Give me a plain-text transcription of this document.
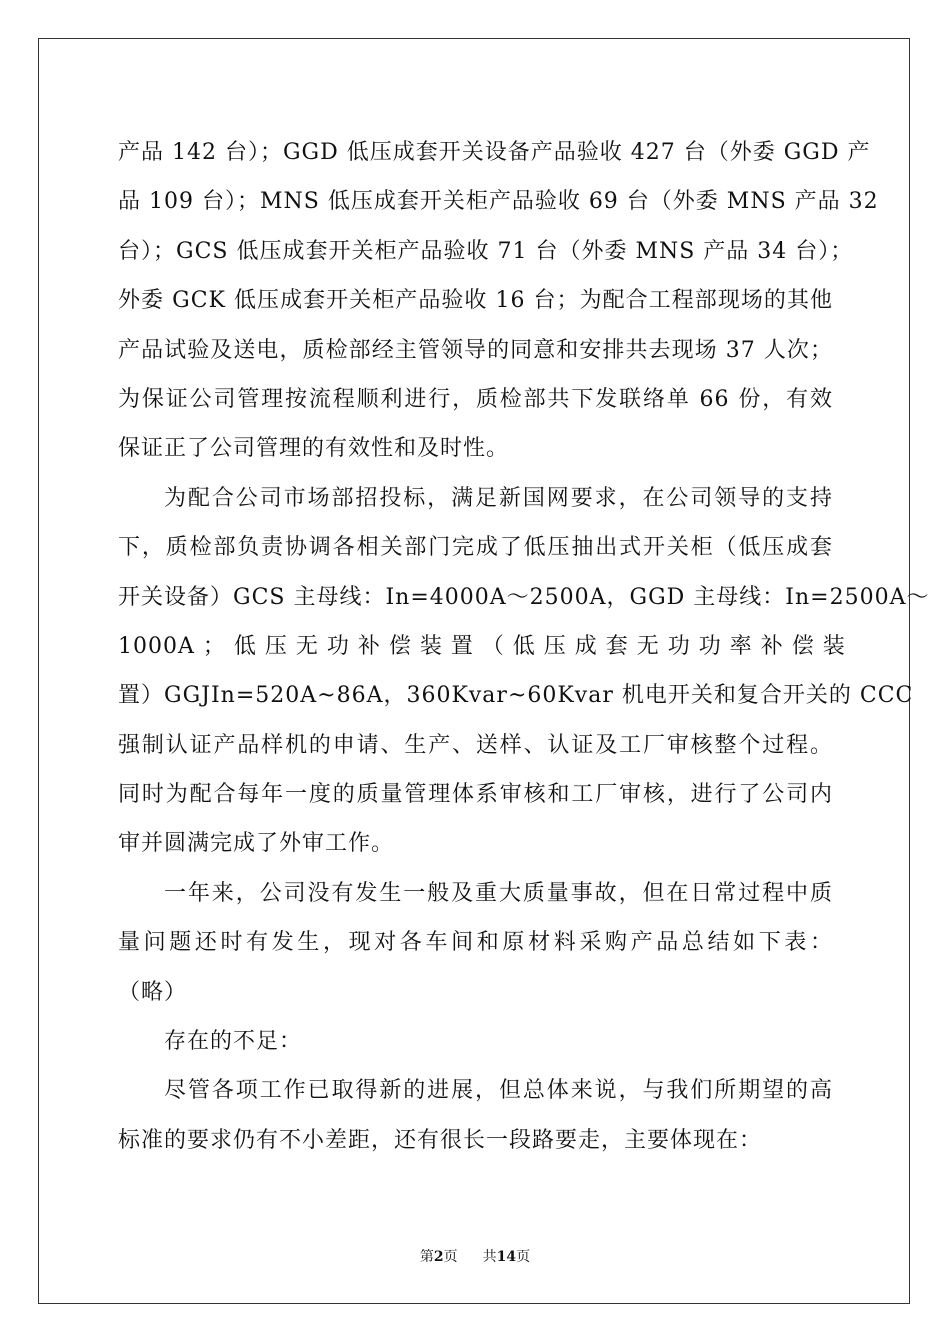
产品 142 台）；GGD 低压成套开关设备产品验收 427 台（外委 GGD 产
品 109 台）；MNS 低压成套开关柜产品验收 69 台（外委 MNS 产品 32
台）；GCS 低压成套开关柜产品验收 71 台（外委 MNS 产品 34 台）；
外委 GCK 低压成套开关柜产品验收 16 台；为配合工程部现场的其他
产品试验及送电，质检部经主管领导的同意和安排共去现场 37 人次；
为保证公司管理按流程顺利进行，质检部共下发联络单 66 份，有效
保证正了公司管理的有效性和及时性。
为配合公司市场部招投标，满足新国网要求，在公司领导的支持
下，质检部负责协调各相关部门完成了低压抽出式开关柜（低压成套
开关设备）GCS 主母线：In=4000A～2500A，GGD 主母线：In=2500A～
1000A ； 低 压 无 功 补 偿 装 置 （ 低 压 成 套 无 功 功 率 补 偿 装
置）GGJIn=520A~86A，360Kvar~60Kvar 机电开关和复合开关的 CCC
强制认证产品样机的申请、生产、送样、认证及工厂审核整个过程。
同时为配合每年一度的质量管理体系审核和工厂审核，进行了公司内
审并圆满完成了外审工作。
一年来，公司没有发生一般及重大质量事故，但在日常过程中质
量问题还时有发生，现对各车间和原材料采购产品总结如下表：
（略）
存在的不足：
尽管各项工作已取得新的进展，但总体来说，与我们所期望的高
标准的要求仍有不小差距，还有很长一段路要走，主要体现在：
第2页 共14页
